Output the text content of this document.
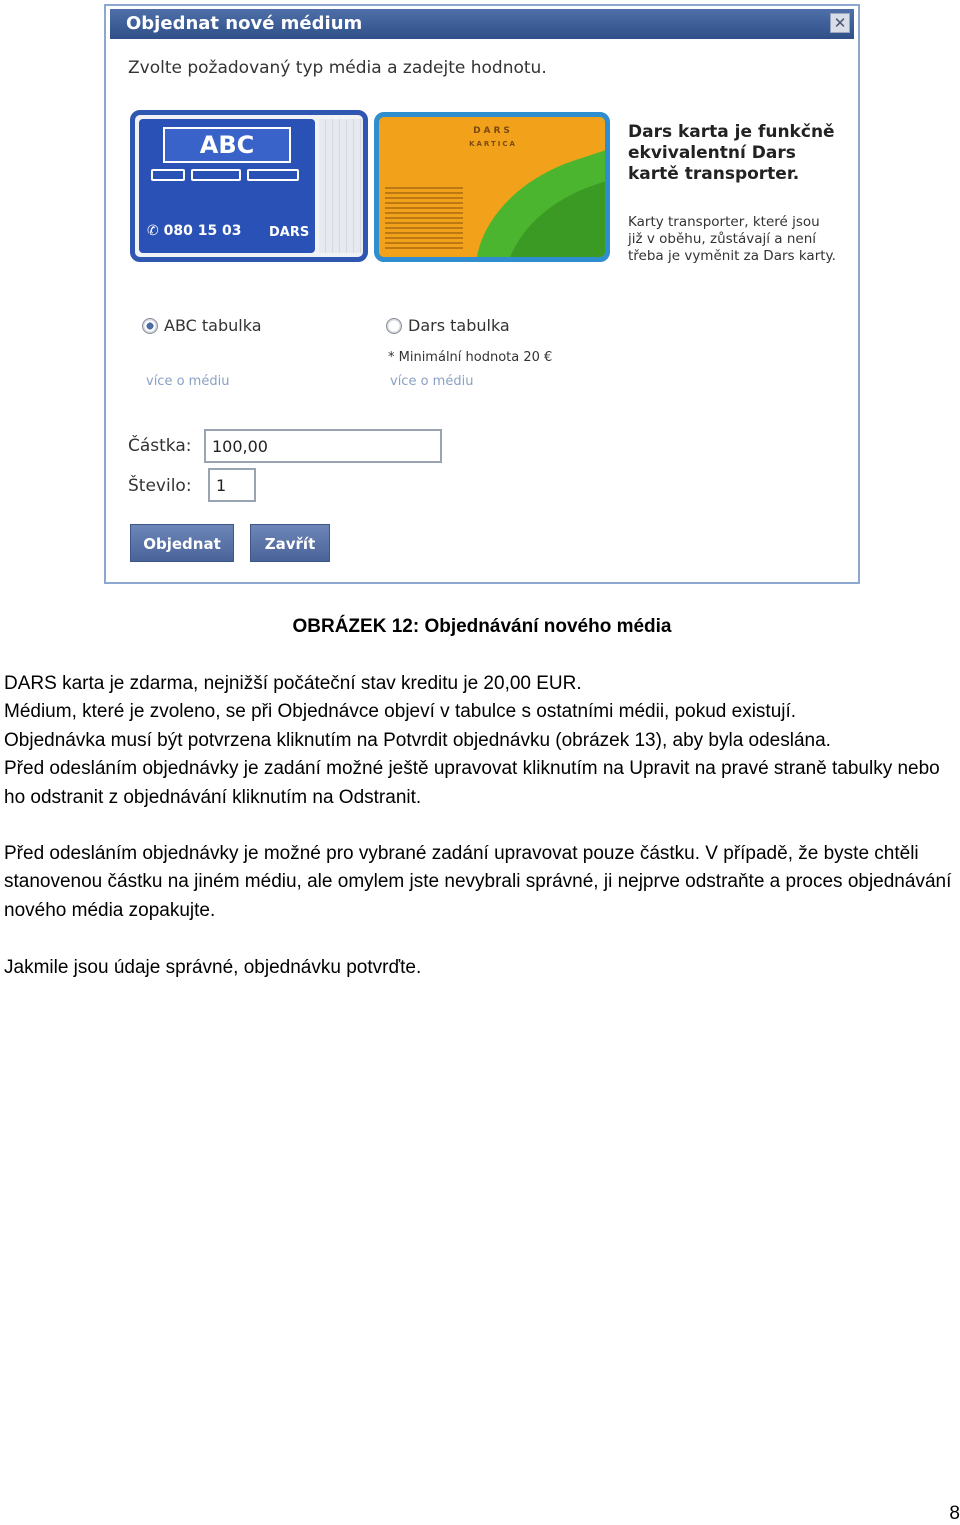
Objednat nové médium	✕
Zvolte požadovaný typ média a zadejte hodnotu.
ABC
✆ 080 15 03 DARS
DARS
KARTICA
Dars karta je funkčně ekvivalentní Dars kartě transporter.
Karty transporter, které jsou již v oběhu, zůstávají a není třeba je vyměnit za Dars karty.
ABC tabulka
více o médiu
Dars tabulka
* Minimální hodnota 20 €
více o médiu
Částka:
100,00
Število:
1
Objednat	Zavřít
OBRÁZEK 12: Objednávání nového média

DARS karta je zdarma, nejnižší počáteční stav kreditu je 20,00 EUR.

Médium, které je zvoleno, se při Objednávce objeví v tabulce s ostatními médii, pokud existují.

Objednávka musí být potvrzena kliknutím na Potvrdit objednávku (obrázek 13), aby byla odeslána.

Před odesláním objednávky je zadání možné ještě upravovat kliknutím na Upravit na pravé straně tabulky nebo ho odstranit z objednávání kliknutím na Odstranit.

Před odesláním objednávky je možné pro vybrané zadání upravovat pouze částku. V případě, že byste chtěli stanovenou částku na jiném médiu, ale omylem jste nevybrali správné, ji nejprve odstraňte a proces objednávání nového média zopakujte.
Jakmile jsou údaje správné, objednávku potvrďte.
8
